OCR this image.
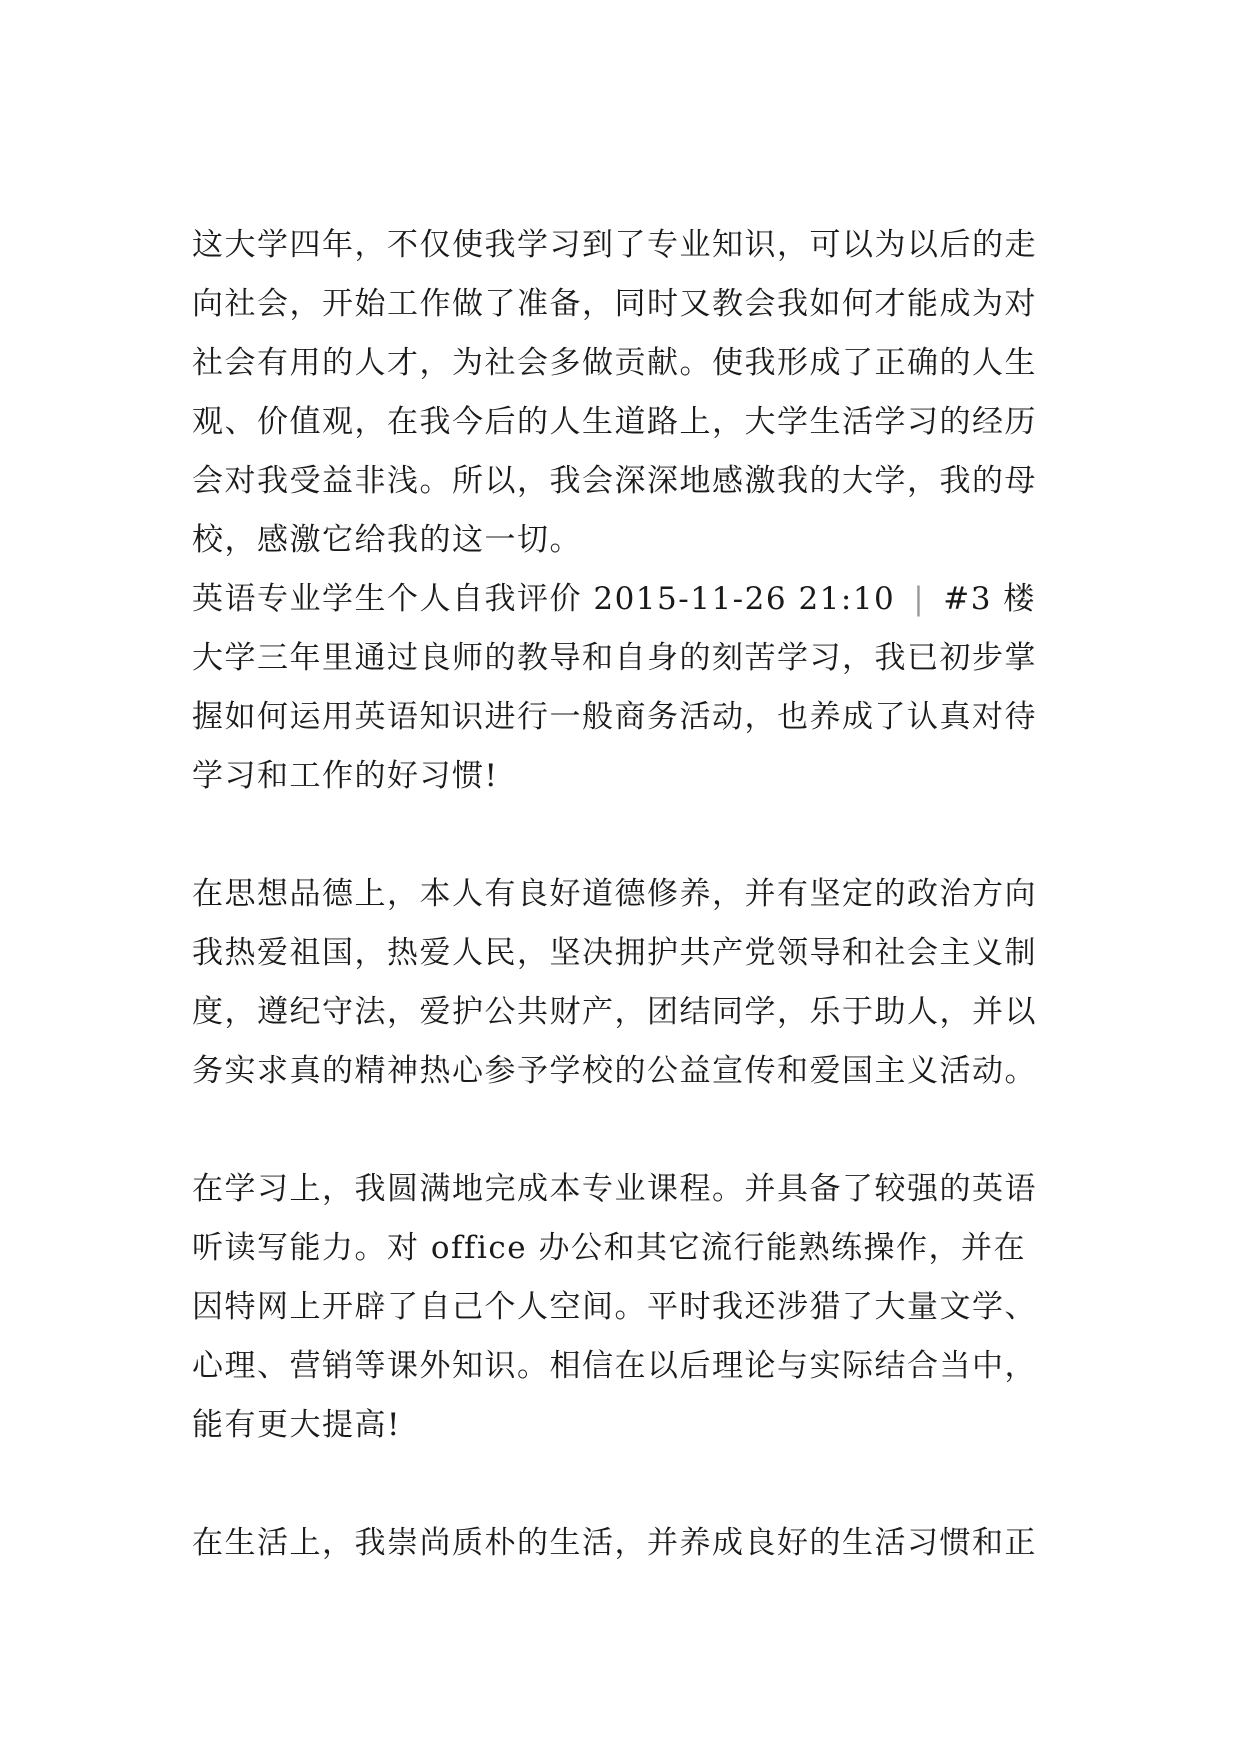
这大学四年，不仅使我学习到了专业知识，可以为以后的走
向社会，开始工作做了准备，同时又教会我如何才能成为对
社会有用的人才，为社会多做贡献。使我形成了正确的人生
观、价值观，在我今后的人生道路上，大学生活学习的经历
会对我受益非浅。所以，我会深深地感激我的大学，我的母
校，感激它给我的这一切。
英语专业学生个人自我评价 2015-11-26 21:10 | #3 楼
大学三年里通过良师的教导和自身的刻苦学习，我已初步掌
握如何运用英语知识进行一般商务活动，也养成了认真对待
学习和工作的好习惯!
在思想品德上，本人有良好道德修养，并有坚定的政治方向
我热爱祖国，热爱人民，坚决拥护共产党领导和社会主义制
度，遵纪守法，爱护公共财产，团结同学，乐于助人，并以
务实求真的精神热心参予学校的公益宣传和爱国主义活动。
在学习上，我圆满地完成本专业课程。并具备了较强的英语
听读写能力。对 office 办公和其它流行能熟练操作，并在
因特网上开辟了自己个人空间。平时我还涉猎了大量文学、
心理、营销等课外知识。相信在以后理论与实际结合当中，
能有更大提高!
在生活上，我崇尚质朴的生活，并养成良好的生活习惯和正
